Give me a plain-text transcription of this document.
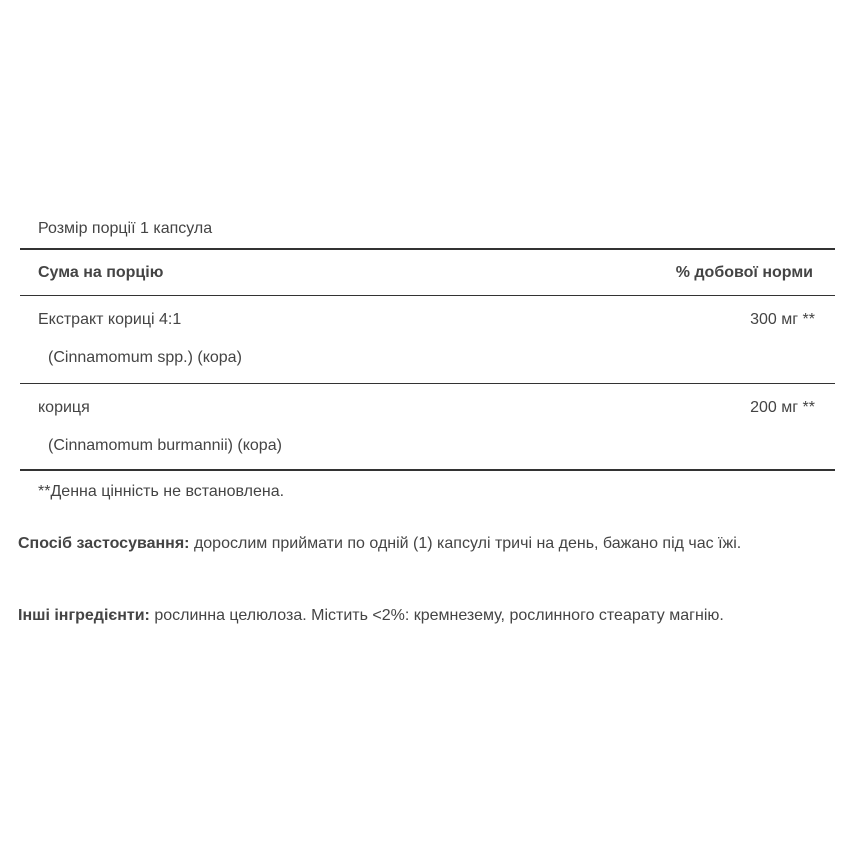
Розмір порції 1 капсула
Сума на порцію	% добової норми
Екстракт кориці 4:1	300 мг **
(Cinnamomum spp.) (кора)
кориця	200 мг **
(Cinnamomum burmannii) (кора)
**Денна цінність не встановлена.
Спосіб застосування: дорослим приймати по одній (1) капсулі тричі на день, бажано під час їжі.
Інші інгредієнти: рослинна целюлоза. Містить <2%: кремнезему, рослинного стеарату магнію.
